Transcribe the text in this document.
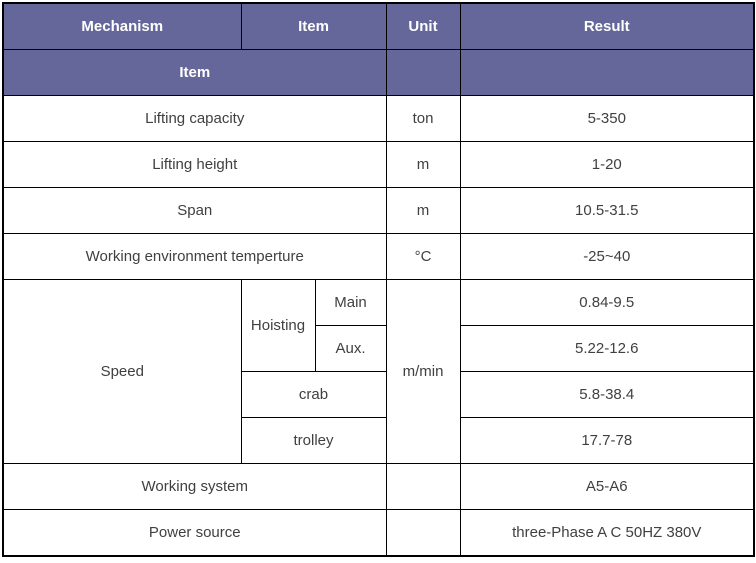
Mechanism	Item		Unit	Result
Item				
Lifting capacity			ton	5-350
Lifting height			m	1-20
Span			m	10.5-31.5
Working environment temperture			°C	-25~40
Speed	Hoisting	Main	m/min	0.84-9.5
		Aux.		5.22-12.6
	crab			5.8-38.4
	trolley			17.7-78
Working system				A5-A6
Power source				three-Phase A C 50HZ 380V
